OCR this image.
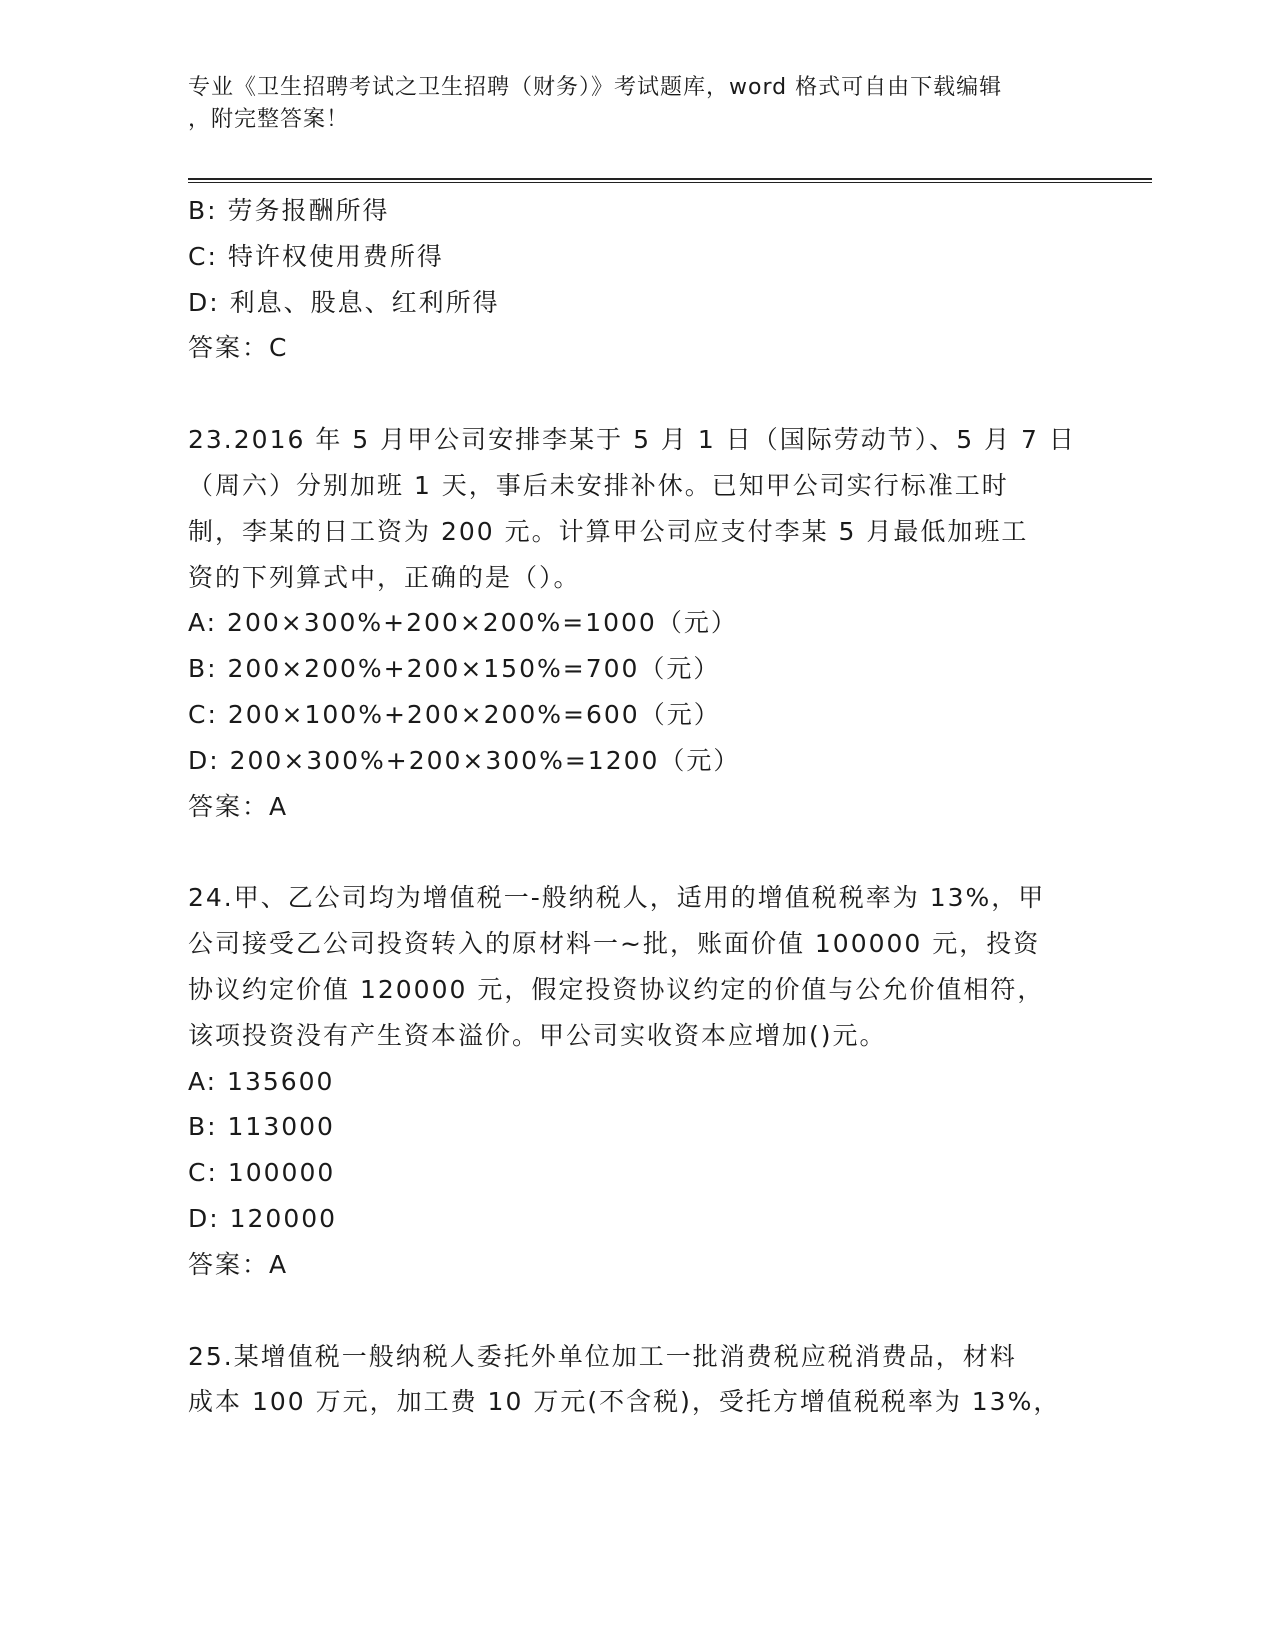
专业《卫生招聘考试之卫生招聘（财务）》考试题库，word 格式可自由下载编辑
，附完整答案！
B: 劳务报酬所得
C: 特许权使用费所得
D: 利息、股息、红利所得
答案：C
23.2016 年 5 月甲公司安排李某于 5 月 1 日（国际劳动节）、5 月 7 日
（周六）分别加班 1 天，事后未安排补休。已知甲公司实行标准工时
制，李某的日工资为 200 元。计算甲公司应支付李某 5 月最低加班工
资的下列算式中，正确的是（）。
A: 200×300%+200×200%=1000（元）
B: 200×200%+200×150%=700（元）
C: 200×100%+200×200%=600（元）
D: 200×300%+200×300%=1200（元）
答案：A
24.甲、乙公司均为增值税一-般纳税人，适用的增值税税率为 13%，甲
公司接受乙公司投资转入的原材料一~批，账面价值 100000 元，投资
协议约定价值 120000 元，假定投资协议约定的价值与公允价值相符，
该项投资没有产生资本溢价。甲公司实收资本应增加()元。
A: 135600
B: 113000
C: 100000
D: 120000
答案：A
25.某增值税一般纳税人委托外单位加工一批消费税应税消费品，材料
成本 100 万元，加工费 10 万元(不含税)，受托方增值税税率为 13%，
